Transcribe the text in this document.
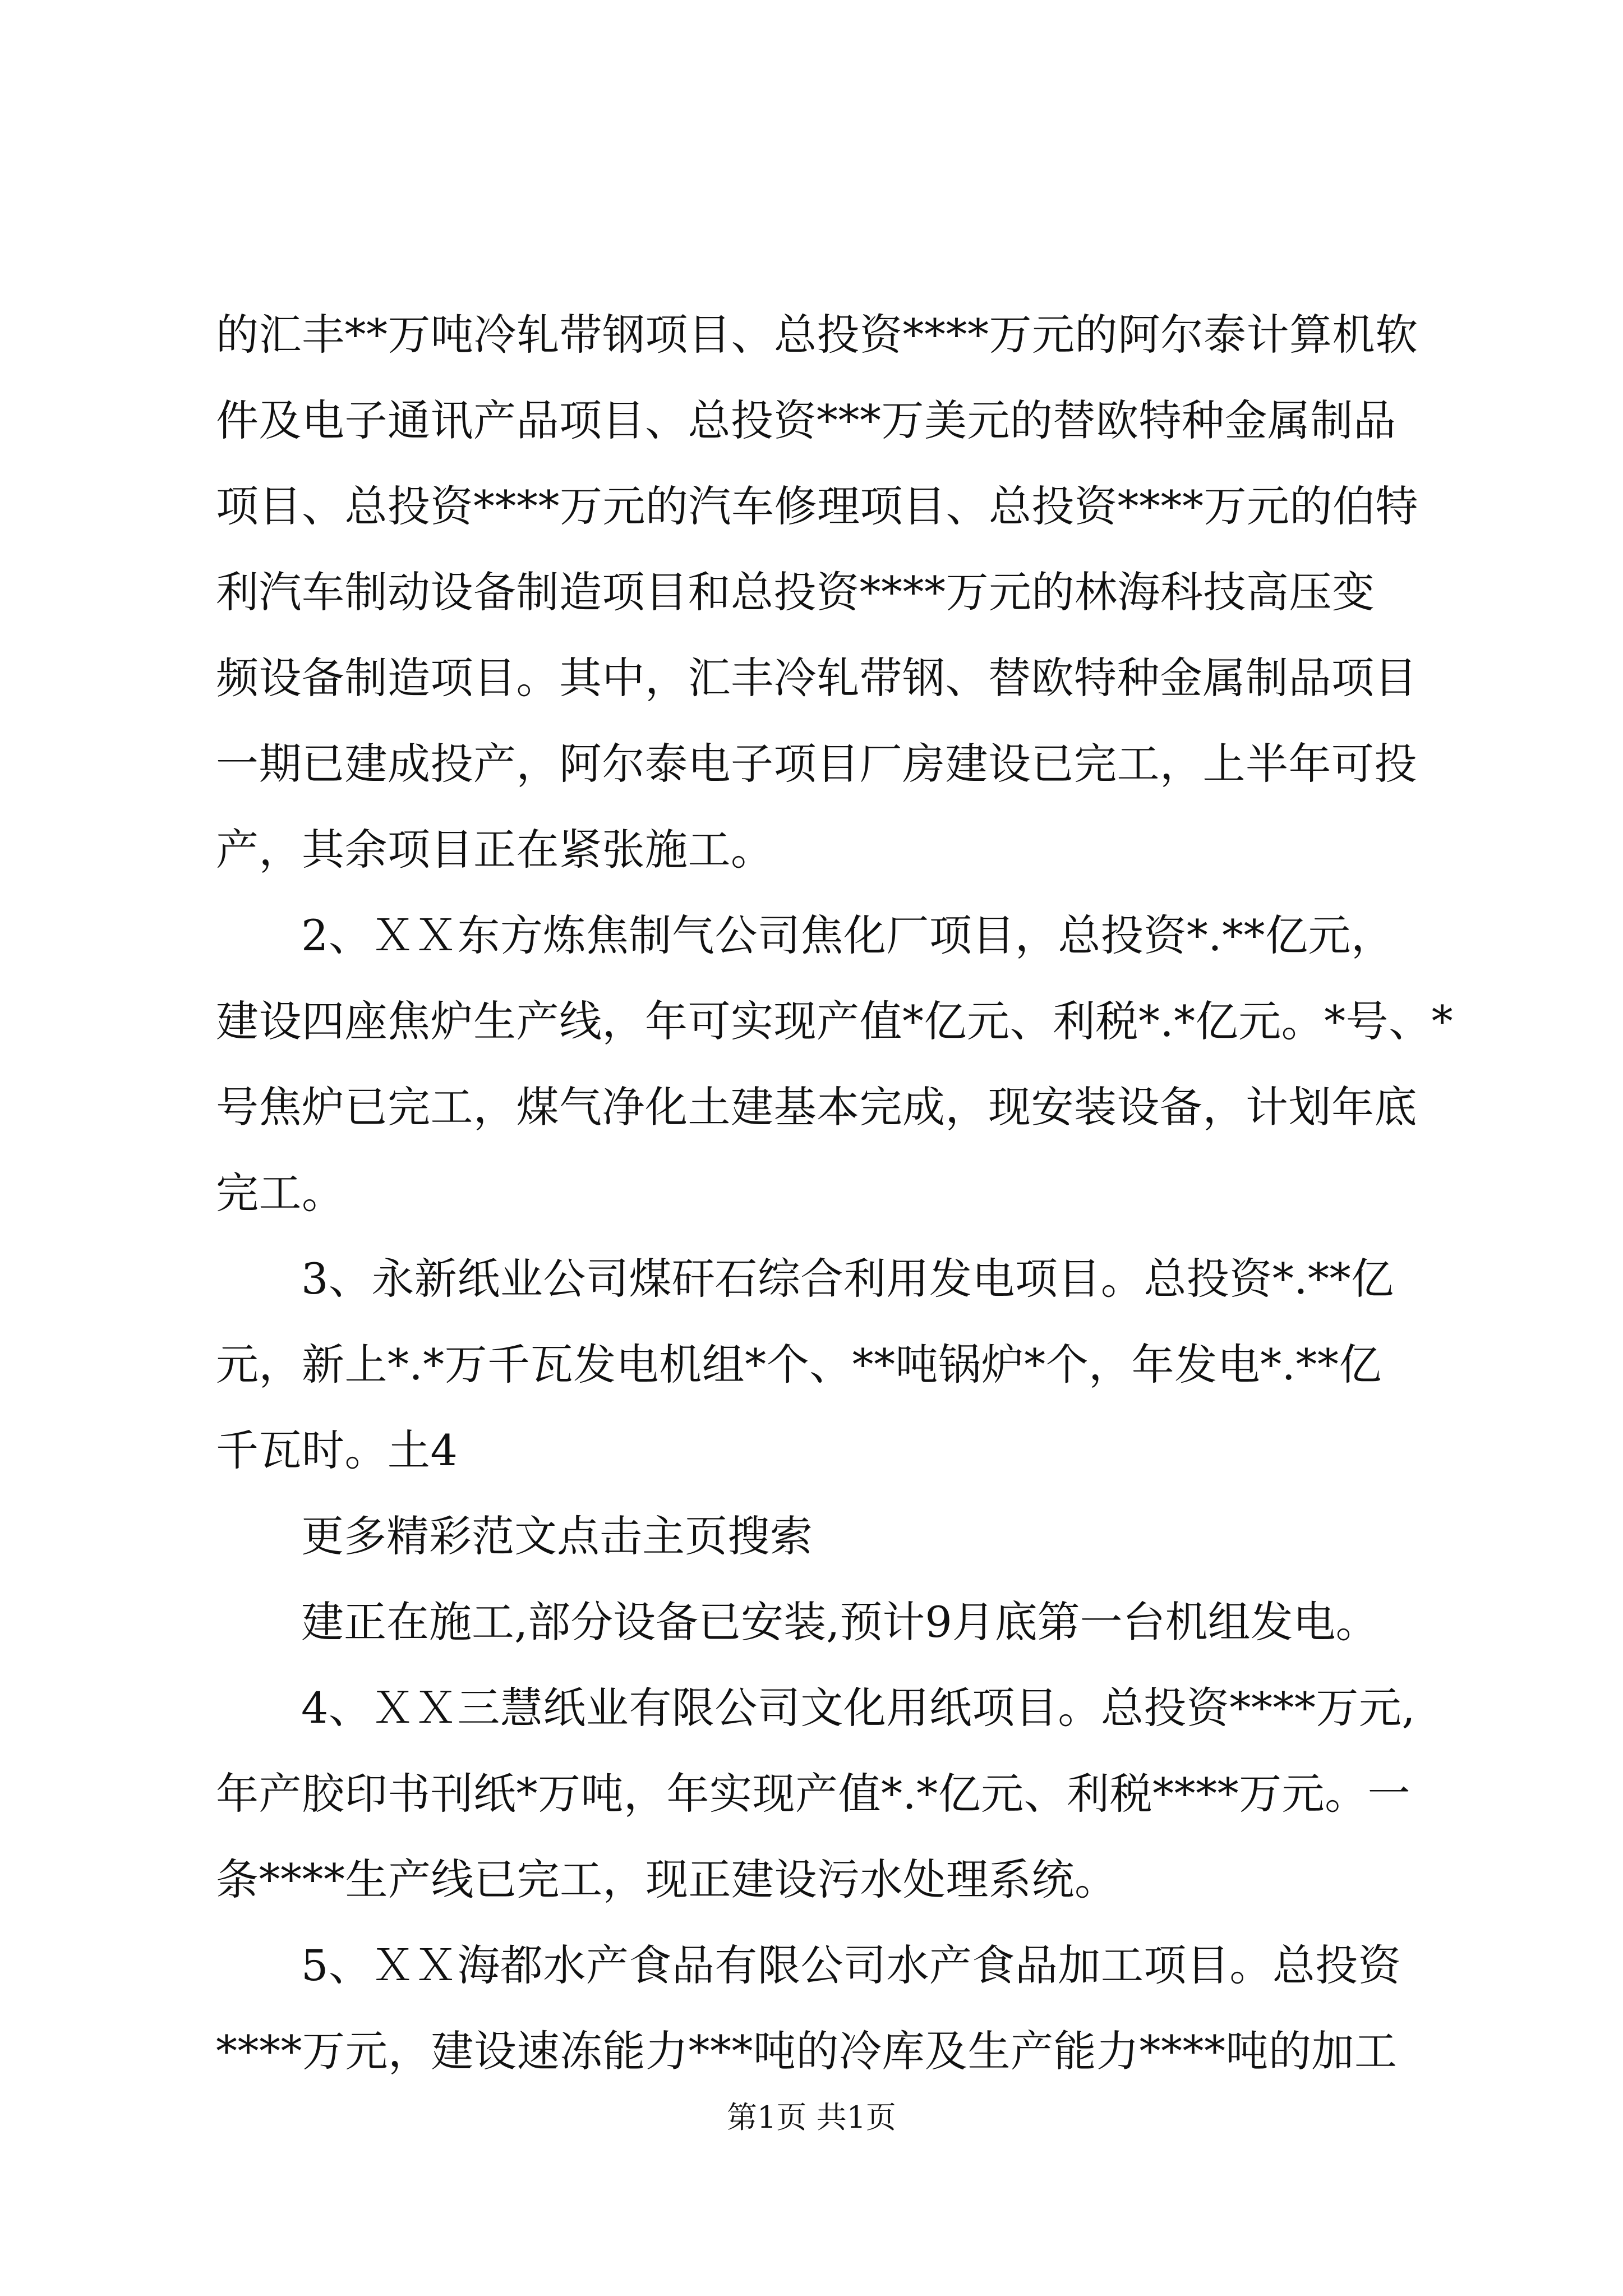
的汇丰**万吨冷轧带钢项目、总投资****万元的阿尔泰计算机软
件及电子通讯产品项目、总投资***万美元的替欧特种金属制品
项目、总投资****万元的汽车修理项目、总投资****万元的伯特
利汽车制动设备制造项目和总投资****万元的林海科技高压变
频设备制造项目。其中，汇丰冷轧带钢、替欧特种金属制品项目
一期已建成投产，阿尔泰电子项目厂房建设已完工，上半年可投
产，其余项目正在紧张施工。
2、ＸＸ东方炼焦制气公司焦化厂项目，总投资*.**亿元，
建设四座焦炉生产线，年可实现产值*亿元、利税*.*亿元。*号、*
号焦炉已完工，煤气净化土建基本完成，现安装设备，计划年底
完工。
3、永新纸业公司煤矸石综合利用发电项目。总投资*.**亿
元，新上*.*万千瓦发电机组*个、**吨锅炉*个，年发电*.**亿
千瓦时。土4
更多精彩范文点击主页搜索
建正在施工,部分设备已安装,预计9月底第一台机组发电。
4、ＸＸ三慧纸业有限公司文化用纸项目。总投资****万元,
年产胶印书刊纸*万吨，年实现产值*.*亿元、利税****万元。一
条****生产线已完工，现正建设污水处理系统。
5、ＸＸ海都水产食品有限公司水产食品加工项目。总投资
****万元，建设速冻能力***吨的冷库及生产能力****吨的加工
第1页 共1页
